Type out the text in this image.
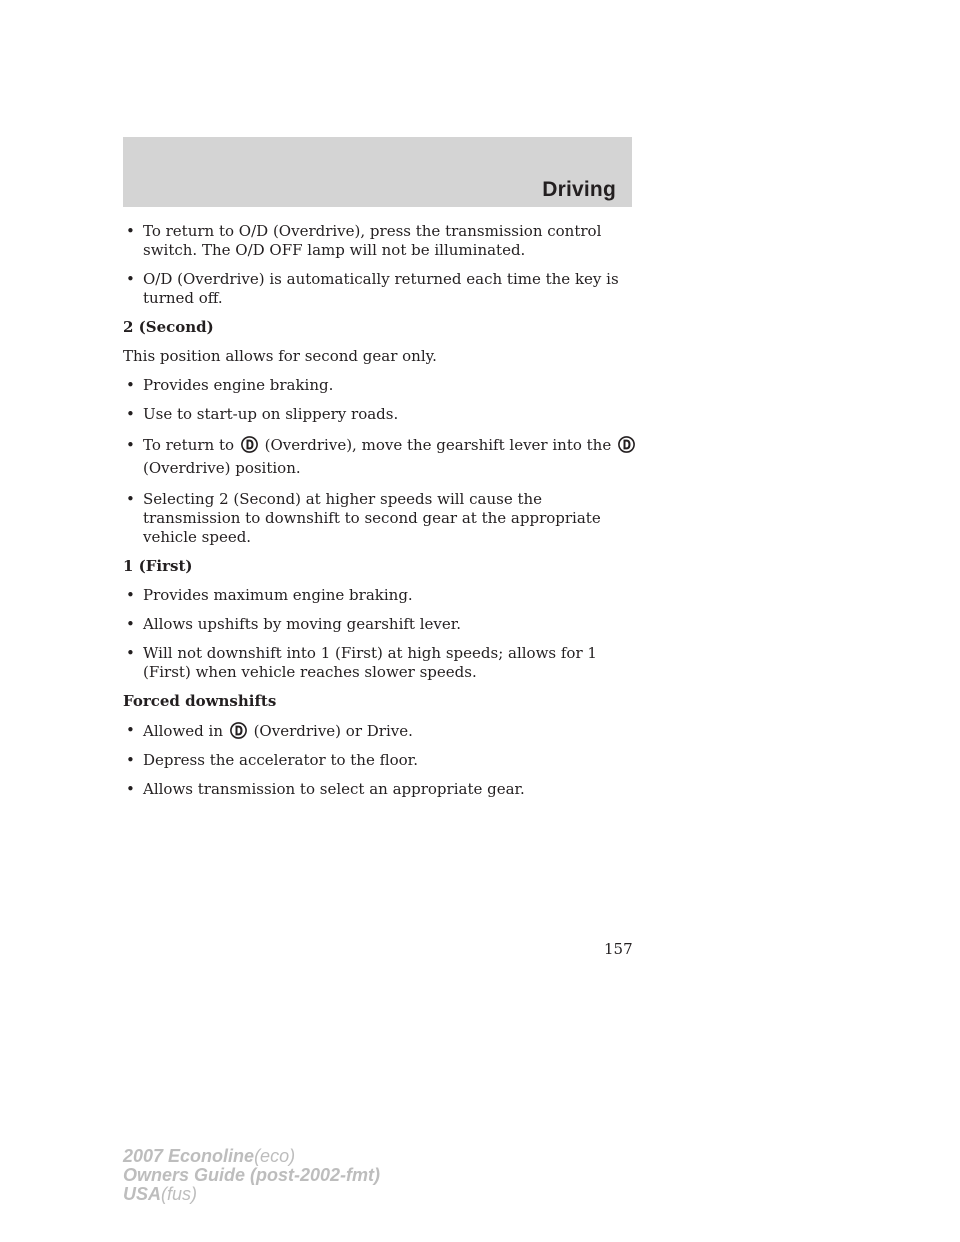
Driving
• To return to O/D (Overdrive), press the transmission control switch. The O/D OFF lamp will not be illuminated.
• O/D (Overdrive) is automatically returned each time the key is turned off.
2 (Second)
This position allows for second gear only.
• Provides engine braking.
• Use to start-up on slippery roads.
• To return to (Overdrive), move the gearshift lever into the  (Overdrive) position.
• Selecting 2 (Second) at higher speeds will cause the transmission to downshift to second gear at the appropriate vehicle speed.
1 (First)
• Provides maximum engine braking.
• Allows upshifts by moving gearshift lever.
• Will not downshift into 1 (First) at high speeds; allows for 1 (First) when vehicle reaches slower speeds.
Forced downshifts
• Allowed in (Overdrive) or Drive.
• Depress the accelerator to the floor.
• Allows transmission to select an appropriate gear.
157
2007 Econoline(eco)
Owners Guide (post-2002-fmt)
USA(fus)
